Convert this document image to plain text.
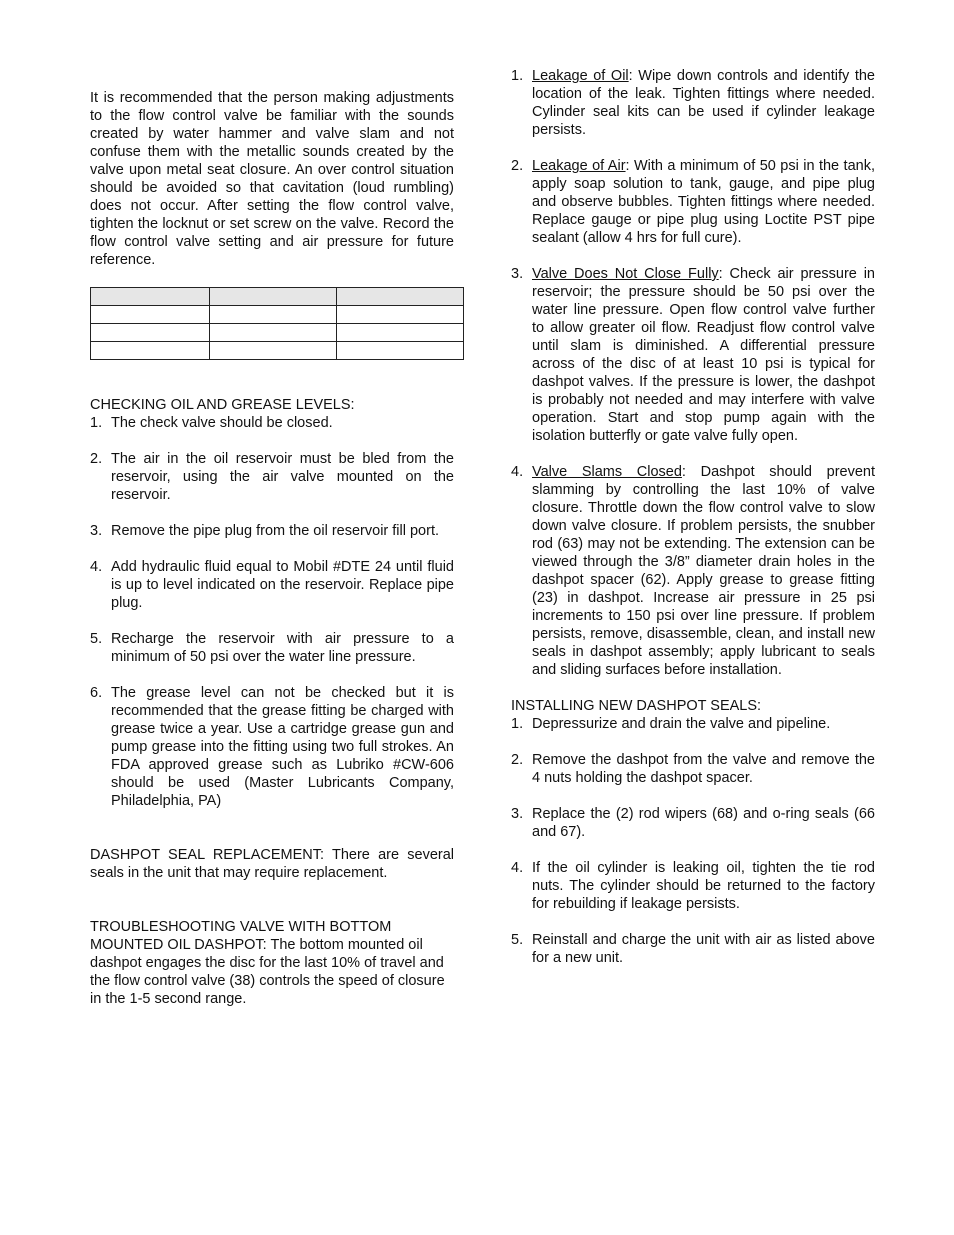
It is recommended that the person making adjustments to the flow control valve be familiar with the sounds created by water hammer and valve slam and not confuse them with the metallic sounds created by the valve upon metal seat closure. An over control situation should be avoided so that cavitation (loud rumbling) does not occur. After setting the flow control valve, tighten the locknut or set screw on the valve. Record the flow control valve setting and air pressure for future reference.

CHECKING OIL AND GREASE LEVELS:

1. The check valve should be closed.
2. The air in the oil reservoir must be bled from the reservoir, using the air valve mounted on the reservoir.
3. Remove the pipe plug from the oil reservoir fill port.
4. Add hydraulic fluid equal to Mobil #DTE 24 until fluid is up to level indicated on the reservoir. Replace pipe plug.
5. Recharge the reservoir with air pressure to a minimum of 50 psi over the water line pressure.
6. The grease level can not be checked but it is recommended that the grease fitting be charged with grease twice a year. Use a cartridge grease gun and pump grease into the fitting using two full strokes. An FDA approved grease such as Lubriko #CW-606 should be used (Master Lubricants Company, Philadelphia, PA)

DASHPOT SEAL REPLACEMENT: There are several seals in the unit that may require replacement.

TROUBLESHOOTING VALVE WITH BOTTOM MOUNTED OIL DASHPOT: The bottom mounted oil dashpot engages the disc for the last 10% of travel and the flow control valve (38) controls the speed of closure in the 1-5 second range.

1. Leakage of Oil: Wipe down controls and identify the location of the leak. Tighten fittings where needed. Cylinder seal kits can be used if cylinder leakage persists.
2. Leakage of Air: With a minimum of 50 psi in the tank, apply soap solution to tank, gauge, and pipe plug and observe bubbles. Tighten fittings where needed. Replace gauge or pipe plug using Loctite PST pipe sealant (allow 4 hrs for full cure).
3. Valve Does Not Close Fully: Check air pressure in reservoir; the pressure should be 50 psi over the water line pressure. Open flow control valve further to allow greater oil flow. Readjust flow control valve until slam is diminished. A differential pressure across of the disc of at least 10 psi is typical for dashpot valves. If the pressure is lower, the dashpot is probably not needed and may interfere with valve operation. Start and stop pump again with the isolation butterfly or gate valve fully open.
4. Valve Slams Closed: Dashpot should prevent slamming by controlling the last 10% of valve closure. Throttle down the flow control valve to slow down valve closure. If problem persists, the snubber rod (63) may not be extending. The extension can be viewed through the 3/8” diameter drain holes in the dashpot spacer (62). Apply grease to grease fitting (23) in dashpot. Increase air pressure in 25 psi increments to 150 psi over line pressure. If problem persists, remove, disassemble, clean, and install new seals in dashpot assembly; apply lubricant to seals and sliding surfaces before installation.

INSTALLING NEW DASHPOT SEALS:

1. Depressurize and drain the valve and pipeline.
2. Remove the dashpot from the valve and remove the 4 nuts holding the dashpot spacer.
3. Replace the (2) rod wipers (68) and o-ring seals (66 and 67).
4. If the oil cylinder is leaking oil, tighten the tie rod nuts. The cylinder should be returned to the factory for rebuilding if leakage persists.
5. Reinstall and charge the unit with air as listed above for a new unit.
